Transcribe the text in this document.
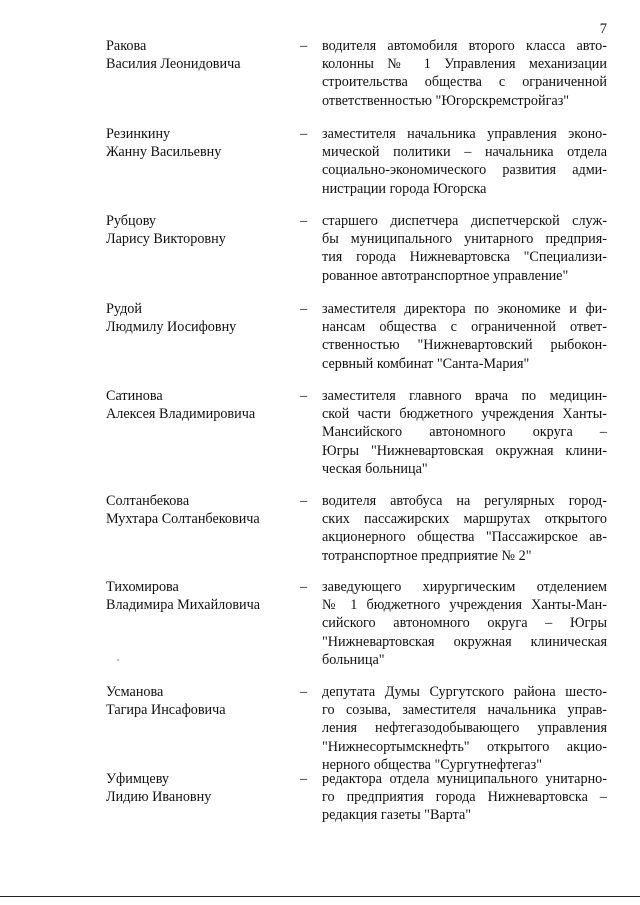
7
Ракова
Василия Леонидовича
–	водителя автомобиля второго класса авто-
колонны № 1 Управления механизации
строительства общества с ограниченной
ответственностью "Югорскремстройгаз"
Резинкину
Жанну Васильевну
–	заместителя начальника управления эконо-
мической политики – начальника отдела
социально-экономического развития адми-
нистрации города Югорска
Рубцову
Ларису Викторовну
–	старшего диспетчера диспетчерской служ-
бы муниципального унитарного предприя-
тия города Нижневартовска "Специализи-
рованное автотранспортное управление"
Рудой
Людмилу Иосифовну
–	заместителя директора по экономике и фи-
нансам общества с ограниченной ответ-
ственностью "Нижневартовский рыбокон-
сервный комбинат "Санта-Мария"
Сатинова
Алексея Владимировича
–	заместителя главного врача по медицин-
ской части бюджетного учреждения Ханты-
Мансийского автономного округа –
Югры "Нижневартовская окружная клини-
ческая больница"
Солтанбекова
Мухтара Солтанбековича
–	водителя автобуса на регулярных город-
ских пассажирских маршрутах открытого
акционерного общества "Пассажирское ав-
тотранспортное предприятие № 2"
Тихомирова
Владимира Михайловича
–	заведующего хирургическим отделением
№ 1 бюджетного учреждения Ханты-Ман-
сийского автономного округа – Югры
"Нижневартовская окружная клиническая
больница"
Усманова
Тагира Инсафовича
–	депутата Думы Сургутского района шесто-
го созыва, заместителя начальника управ-
ления нефтегазодобывающего управления
"Нижнесортымскнефть" открытого акцио-
нерного общества "Сургутнефтегаз"
Уфимцеву
Лидию Ивановну
–	редактора отдела муниципального унитарно-
го предприятия города Нижневартовска –
редакция газеты "Варта"
